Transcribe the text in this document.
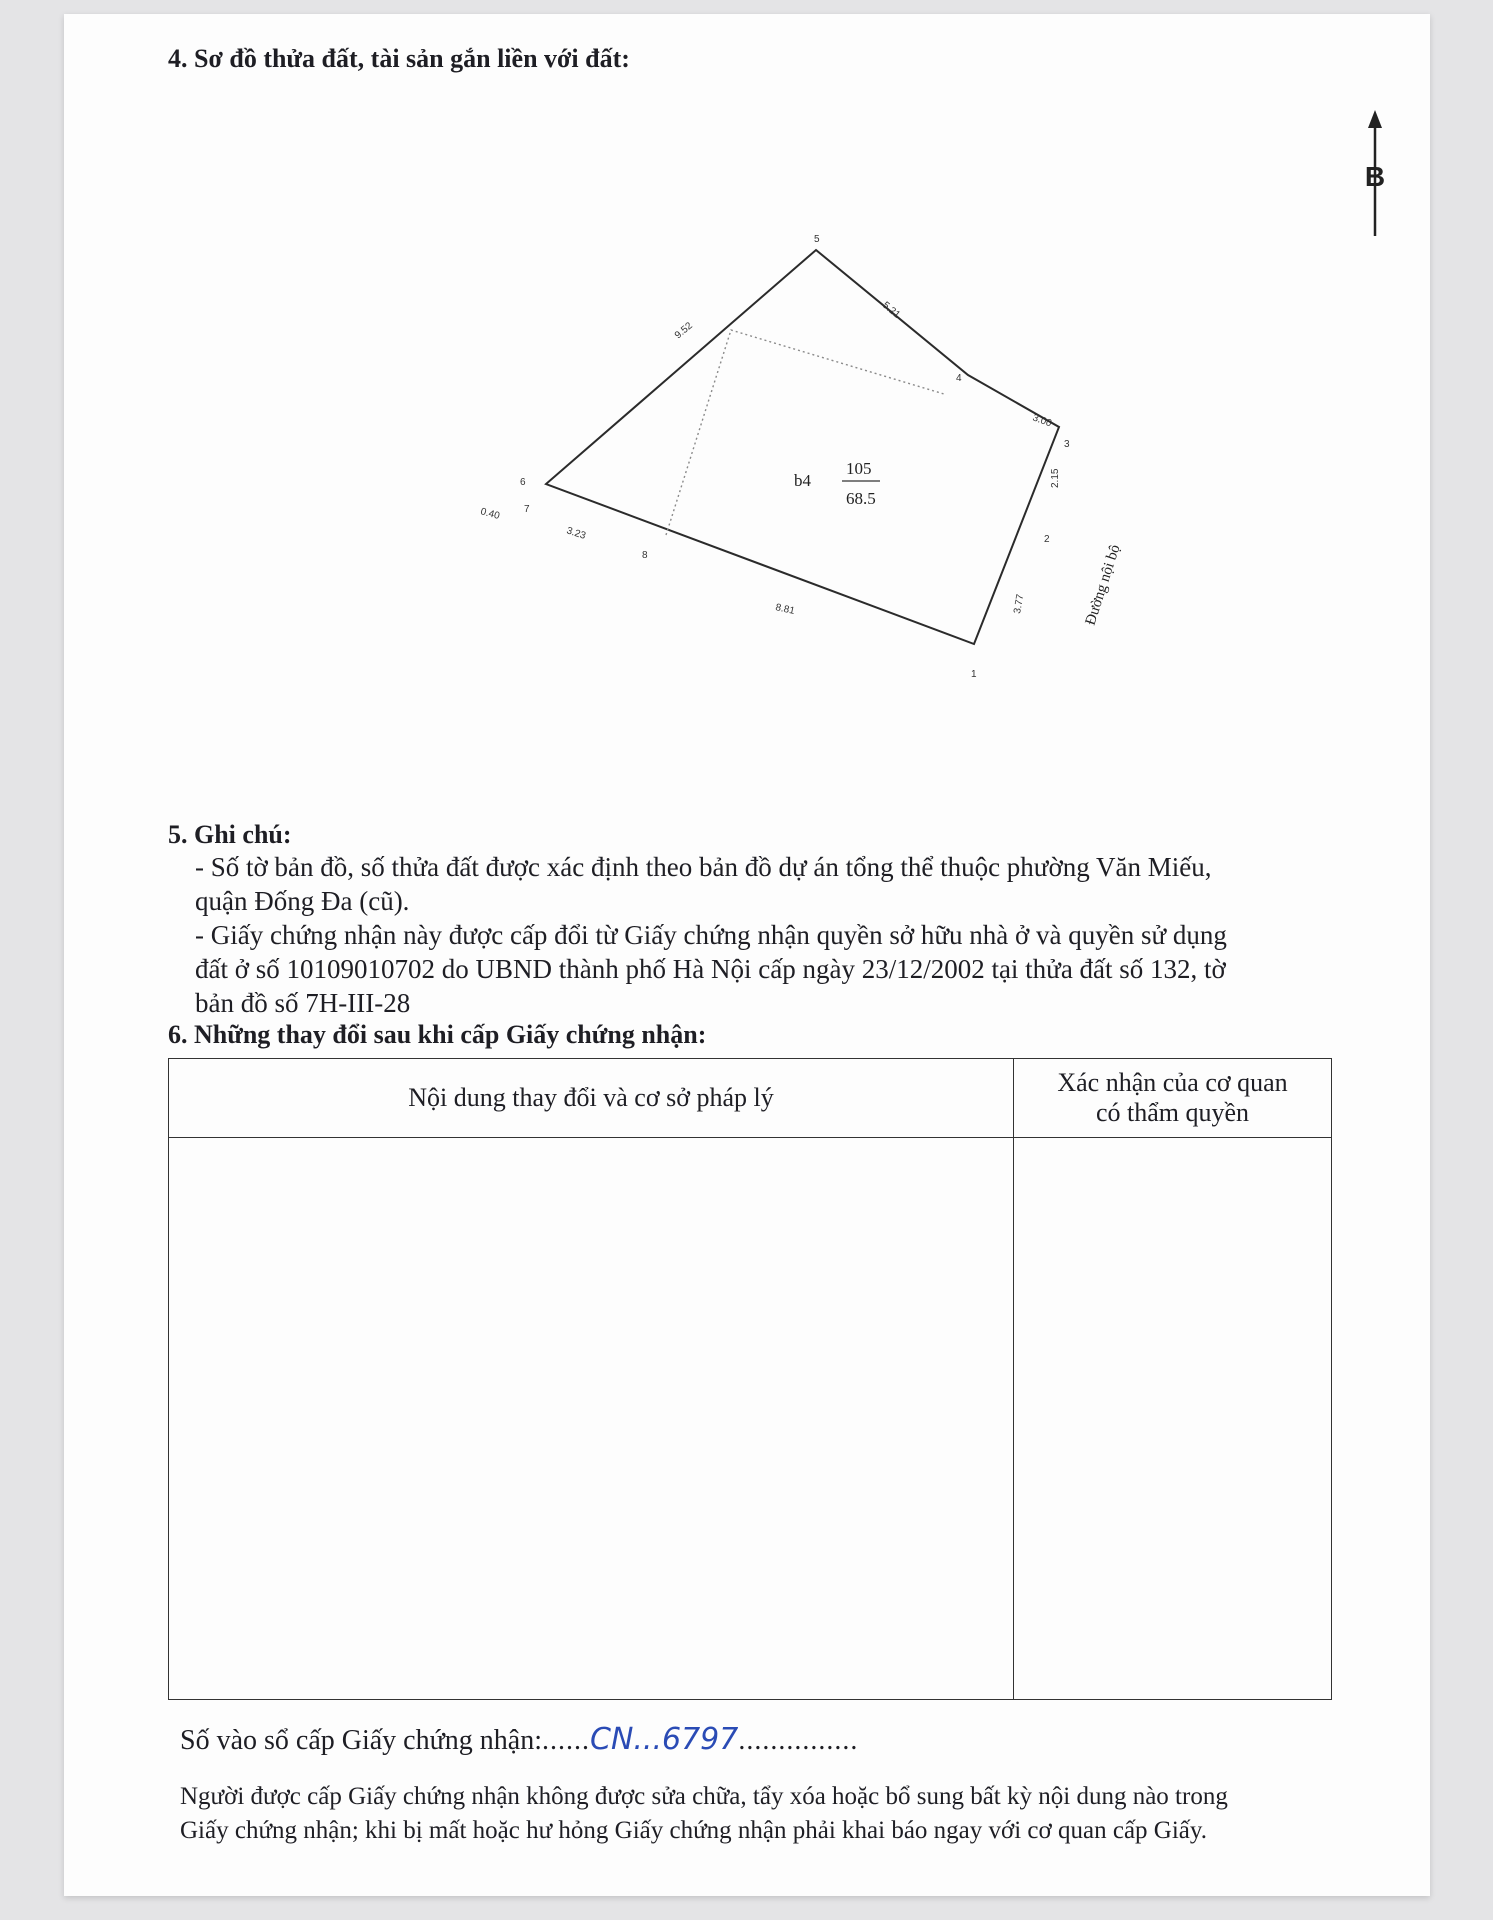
4. Sơ đồ thửa đất, tài sản gắn liền với đất:
B
1
2
3
4
5
6
7
8
9.52
5.21
3.00
2.15
3.77
8.81
3.23
0.40
b4
105
68.5
Đường nội bộ
5. Ghi chú:

- Số tờ bản đồ, số thửa đất được xác định theo bản đồ dự án tổng thể thuộc phường Văn Miếu,

quận Đống Đa (cũ).

- Giấy chứng nhận này được cấp đổi từ Giấy chứng nhận quyền sở hữu nhà ở và quyền sử dụng

đất ở số 10109010702 do UBND thành phố Hà Nội cấp ngày 23/12/2002 tại thửa đất số 132, tờ

bản đồ số 7H-III-28

6. Những thay đổi sau khi cấp Giấy chứng nhận:
Nội dung thay đổi và cơ sở pháp lý	Xác nhận của cơ quan
có thẩm quyền

Số vào sổ cấp Giấy chứng nhận:......CN...6797...............
Người được cấp Giấy chứng nhận không được sửa chữa, tẩy xóa hoặc bổ sung bất kỳ nội dung nào trong
Giấy chứng nhận; khi bị mất hoặc hư hỏng Giấy chứng nhận phải khai báo ngay với cơ quan cấp Giấy.
